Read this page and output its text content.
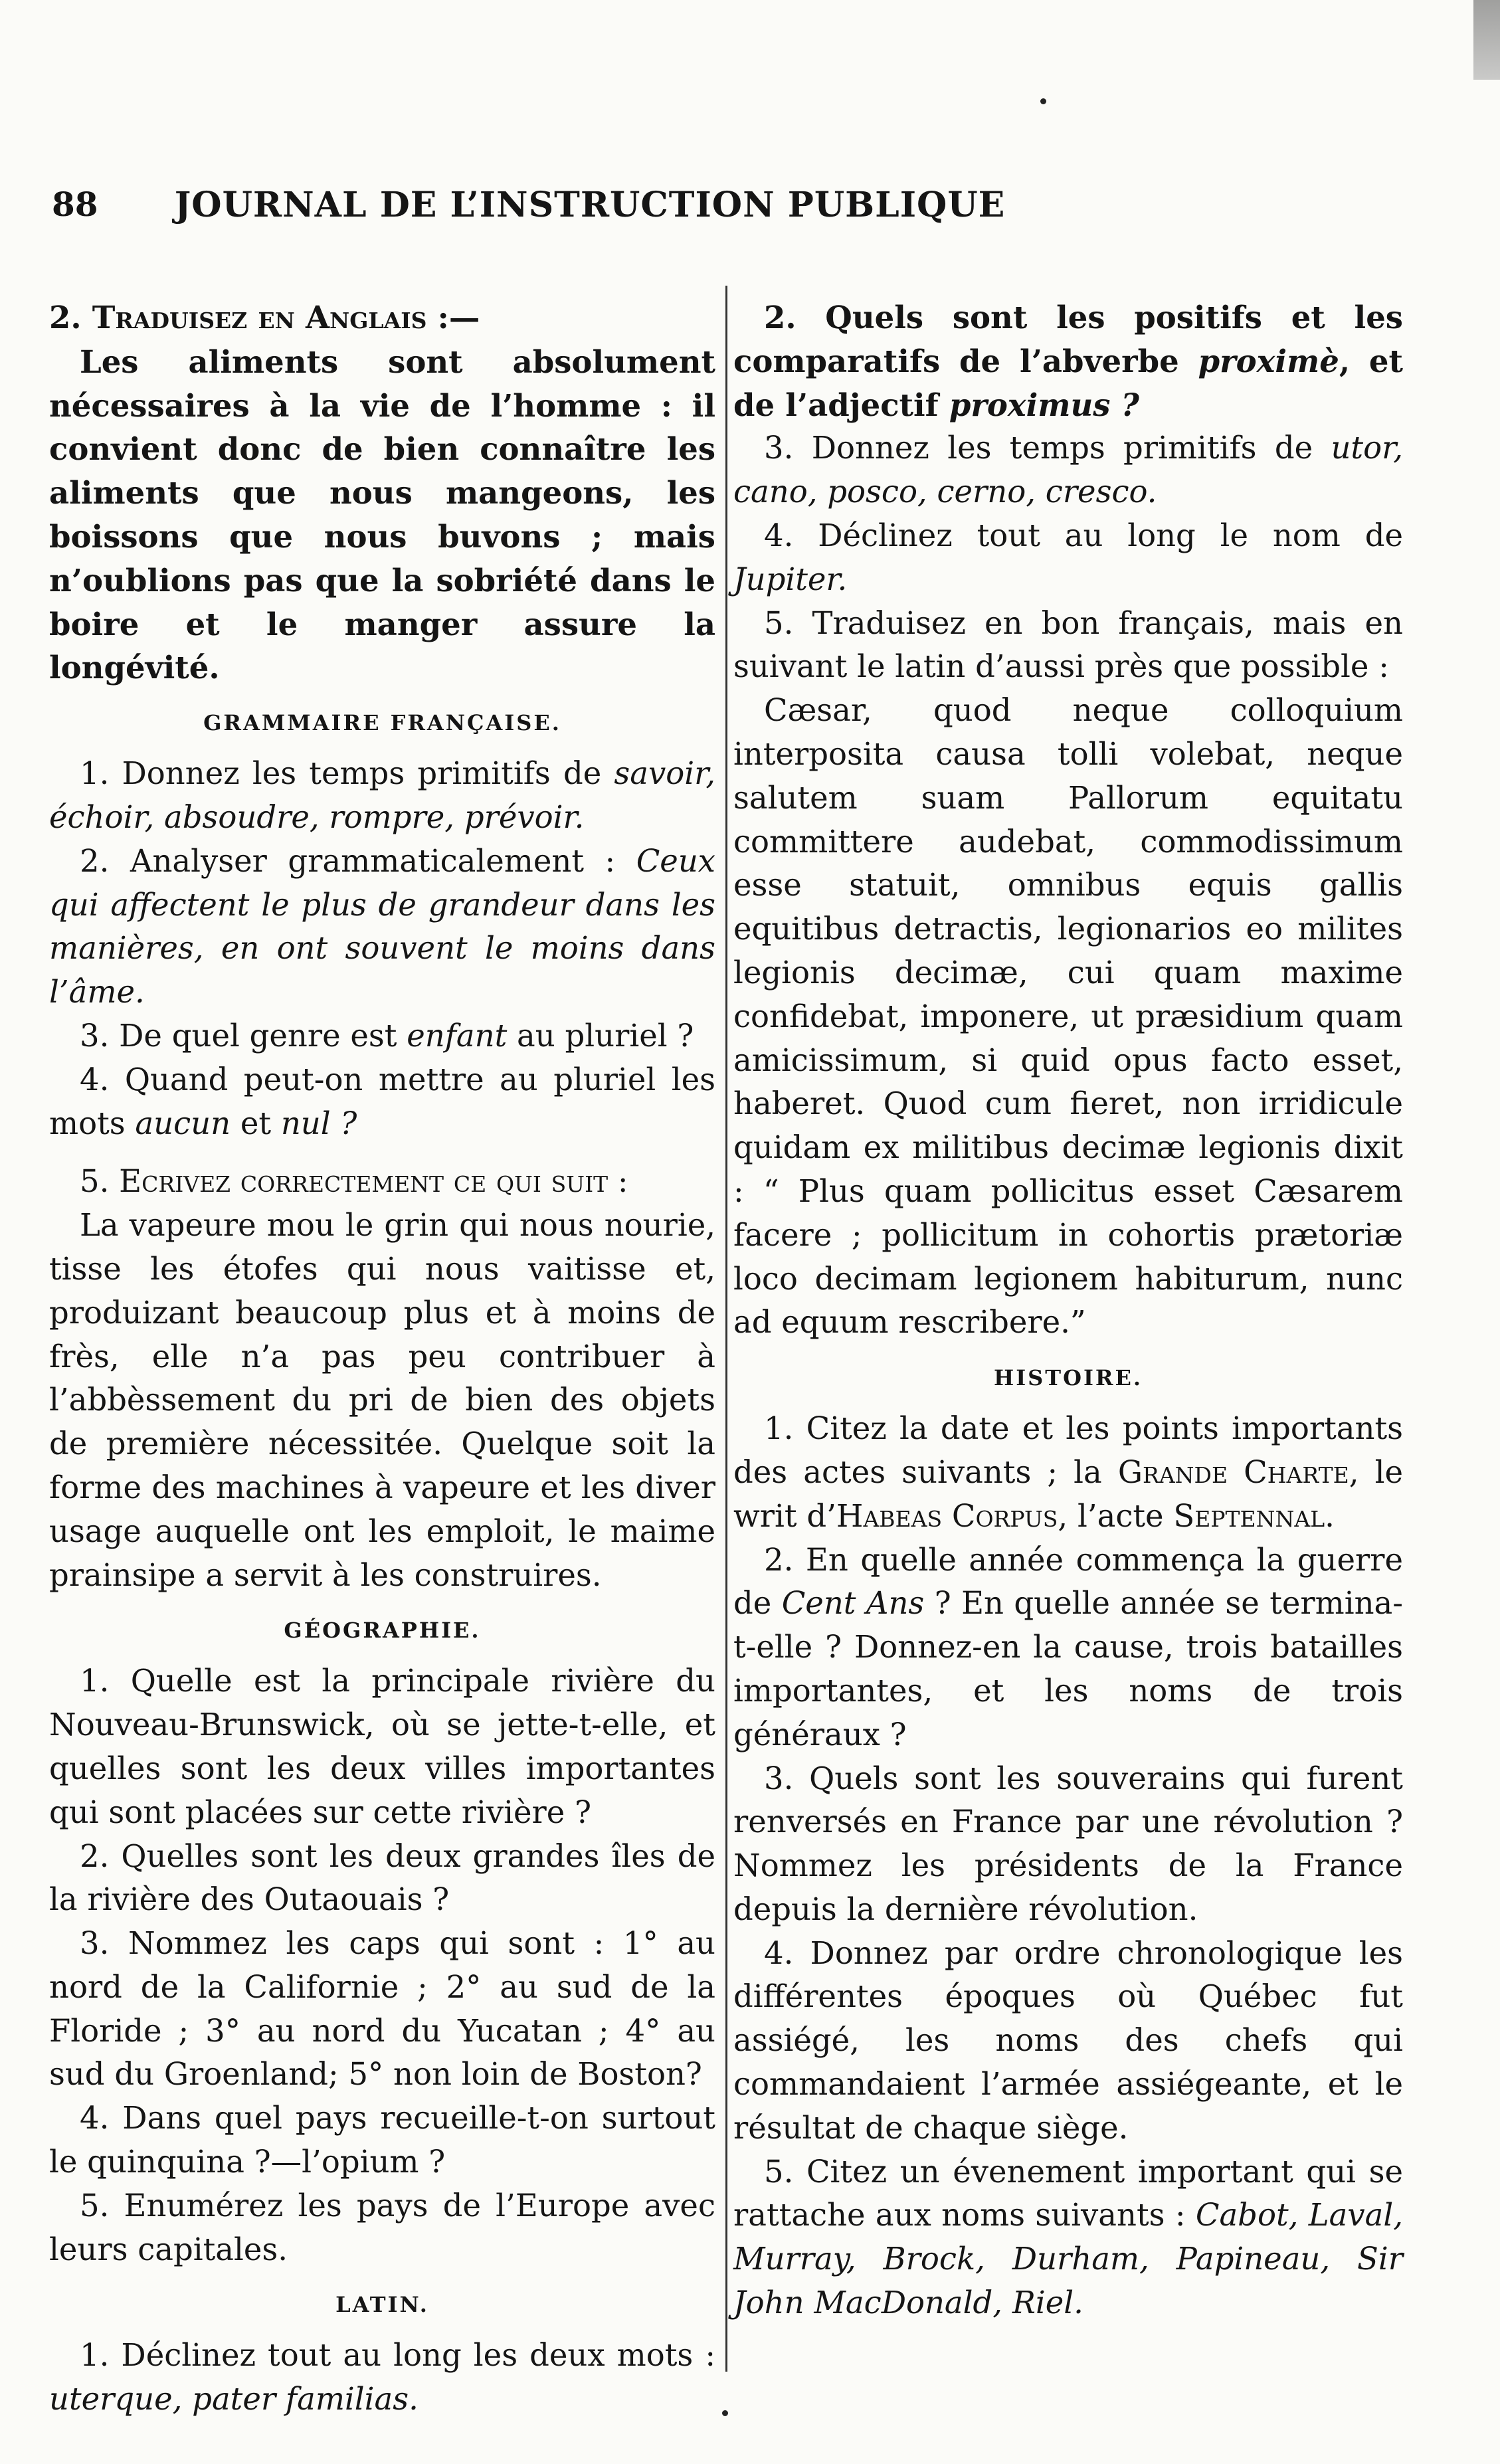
88	JOURNAL DE L’INSTRUCTION PUBLIQUE

2. Traduisez en Anglais :—

Les aliments sont absolument nécessaires à la vie de l’homme : il convient donc de bien connaître les aliments que nous mangeons, les boissons que nous buvons ; mais n’oublions pas que la sobriété dans le boire et le manger assure la longévité.

GRAMMAIRE FRANÇAISE.

1. Donnez les temps primitifs de savoir, échoir, absoudre, rompre, prévoir.

2. Analyser grammaticalement : Ceux qui affectent le plus de grandeur dans les manières, en ont souvent le moins dans l’âme.

3. De quel genre est enfant au pluriel ?

4. Quand peut-on mettre au pluriel les mots aucun et nul ?

5. Ecrivez correctement ce qui suit :

La vapeure mou le grin qui nous nourie, tisse les étofes qui nous vaitisse et, produizant beaucoup plus et à moins de frès, elle n’a pas peu contribuer à l’abbèssement du pri de bien des objets de première nécessitée. Quelque soit la forme des machines à vapeure et les diver usage auquelle ont les emploit, le maime prainsipe a servit à les construires.

GÉOGRAPHIE.

1. Quelle est la principale rivière du Nouveau-Brunswick, où se jette-t-elle, et quelles sont les deux villes importantes qui sont placées sur cette rivière ?

2. Quelles sont les deux grandes îles de la rivière des Outaouais ?

3. Nommez les caps qui sont : 1° au nord de la Californie ; 2° au sud de la Floride ; 3° au nord du Yucatan ; 4° au sud du Groenland; 5° non loin de Boston?

4. Dans quel pays recueille-t-on surtout le quinquina ?—l’opium ?

5. Enumérez les pays de l’Europe avec leurs capitales.

LATIN.

1. Déclinez tout au long les deux mots : uterque, pater familias.

2. Quels sont les positifs et les comparatifs de l’abverbe proximè, et de l’adjectif proximus ?

3. Donnez les temps primitifs de utor, cano, posco, cerno, cresco.

4. Déclinez tout au long le nom de Jupiter.

5. Traduisez en bon français, mais en suivant le latin d’aussi près que possible :

Cæsar, quod neque colloquium interposita causa tolli volebat, neque salutem suam Pallorum equitatu committere audebat, commodissimum esse statuit, omnibus equis gallis equitibus detractis, legionarios eo milites legionis decimæ, cui quam maxime confidebat, imponere, ut præsidium quam amicissimum, si quid opus facto esset, haberet. Quod cum fieret, non irridicule quidam ex militibus decimæ legionis dixit : “ Plus quam pollicitus esset Cæsarem facere ; pollicitum in cohortis prætoriæ loco decimam legionem habiturum, nunc ad equum rescribere.”

HISTOIRE.

1. Citez la date et les points importants des actes suivants ; la Grande Charte, le writ d’Habeas Corpus, l’acte Septennal.

2. En quelle année commença la guerre de Cent Ans ? En quelle année se termina-t-elle ? Donnez-en la cause, trois batailles importantes, et les noms de trois généraux ?

3. Quels sont les souverains qui furent renversés en France par une révolution ? Nommez les présidents de la France depuis la dernière révolution.

4. Donnez par ordre chronologique les différentes époques où Québec fut assiégé, les noms des chefs qui commandaient l’armée assiégeante, et le résultat de chaque siège.

5. Citez un évenement important qui se rattache aux noms suivants : Cabot, Laval, Murray, Brock, Durham, Papineau, Sir John MacDonald, Riel.
